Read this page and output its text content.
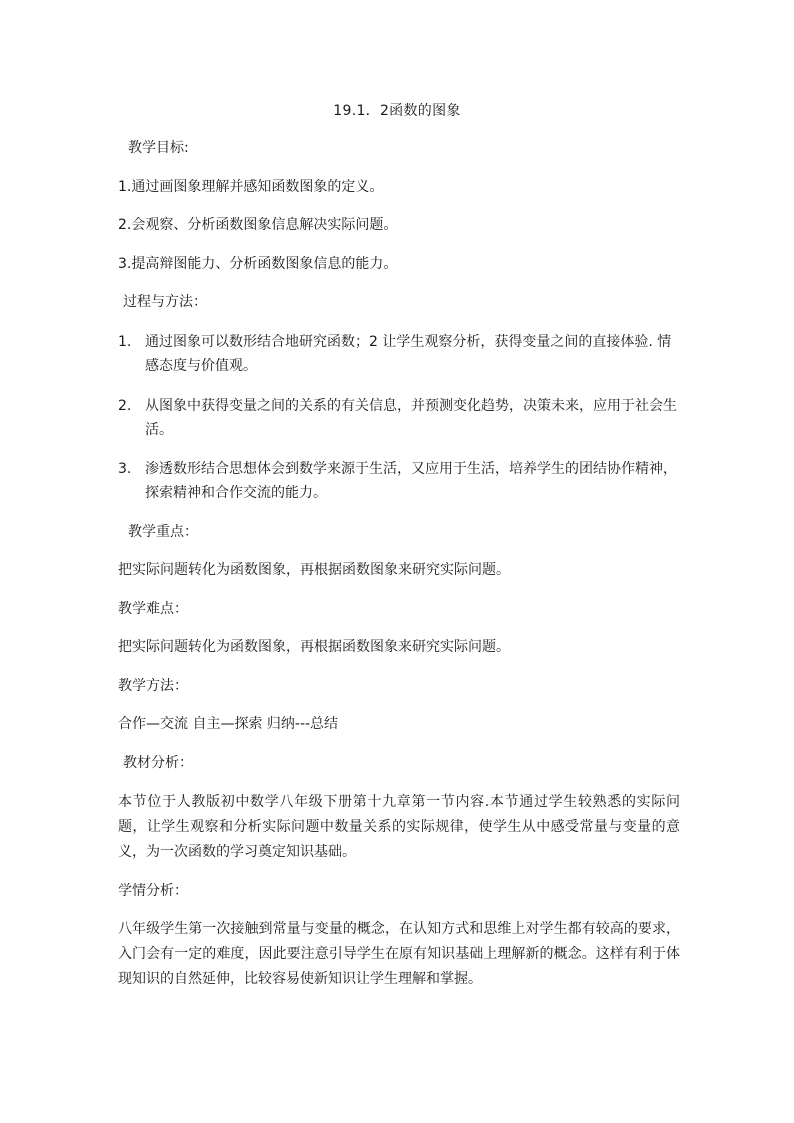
19.1．2函数的图象
教学目标:
1.通过画图象理解并感知函数图象的定义。
2.会观察、分析函数图象信息解决实际问题。
3.提高辩图能力、分析函数图象信息的能力。
过程与方法：
1. 通过图象可以数形结合地研究函数；2 让学生观察分析，获得变量之间的直接体验. 情感态度与价值观。
2. 从图象中获得变量之间的关系的有关信息，并预测变化趋势，决策未来，应用于社会生活。
3. 渗透数形结合思想体会到数学来源于生活，又应用于生活，培养学生的团结协作精神，探索精神和合作交流的能力。
教学重点：
把实际问题转化为函数图象，再根据函数图象来研究实际问题。
教学难点：
把实际问题转化为函数图象，再根据函数图象来研究实际问题。
教学方法：
合作—交流 自主—探索 归纳---总结
教材分析：
本节位于人教版初中数学八年级下册第十九章第一节内容.本节通过学生较熟悉的实际问题，让学生观察和分析实际问题中数量关系的实际规律，使学生从中感受常量与变量的意义，为一次函数的学习奠定知识基础。
学情分析：
八年级学生第一次接触到常量与变量的概念，在认知方式和思维上对学生都有较高的要求，入门会有一定的难度，因此要注意引导学生在原有知识基础上理解新的概念。这样有利于体现知识的自然延伸，比较容易使新知识让学生理解和掌握。
